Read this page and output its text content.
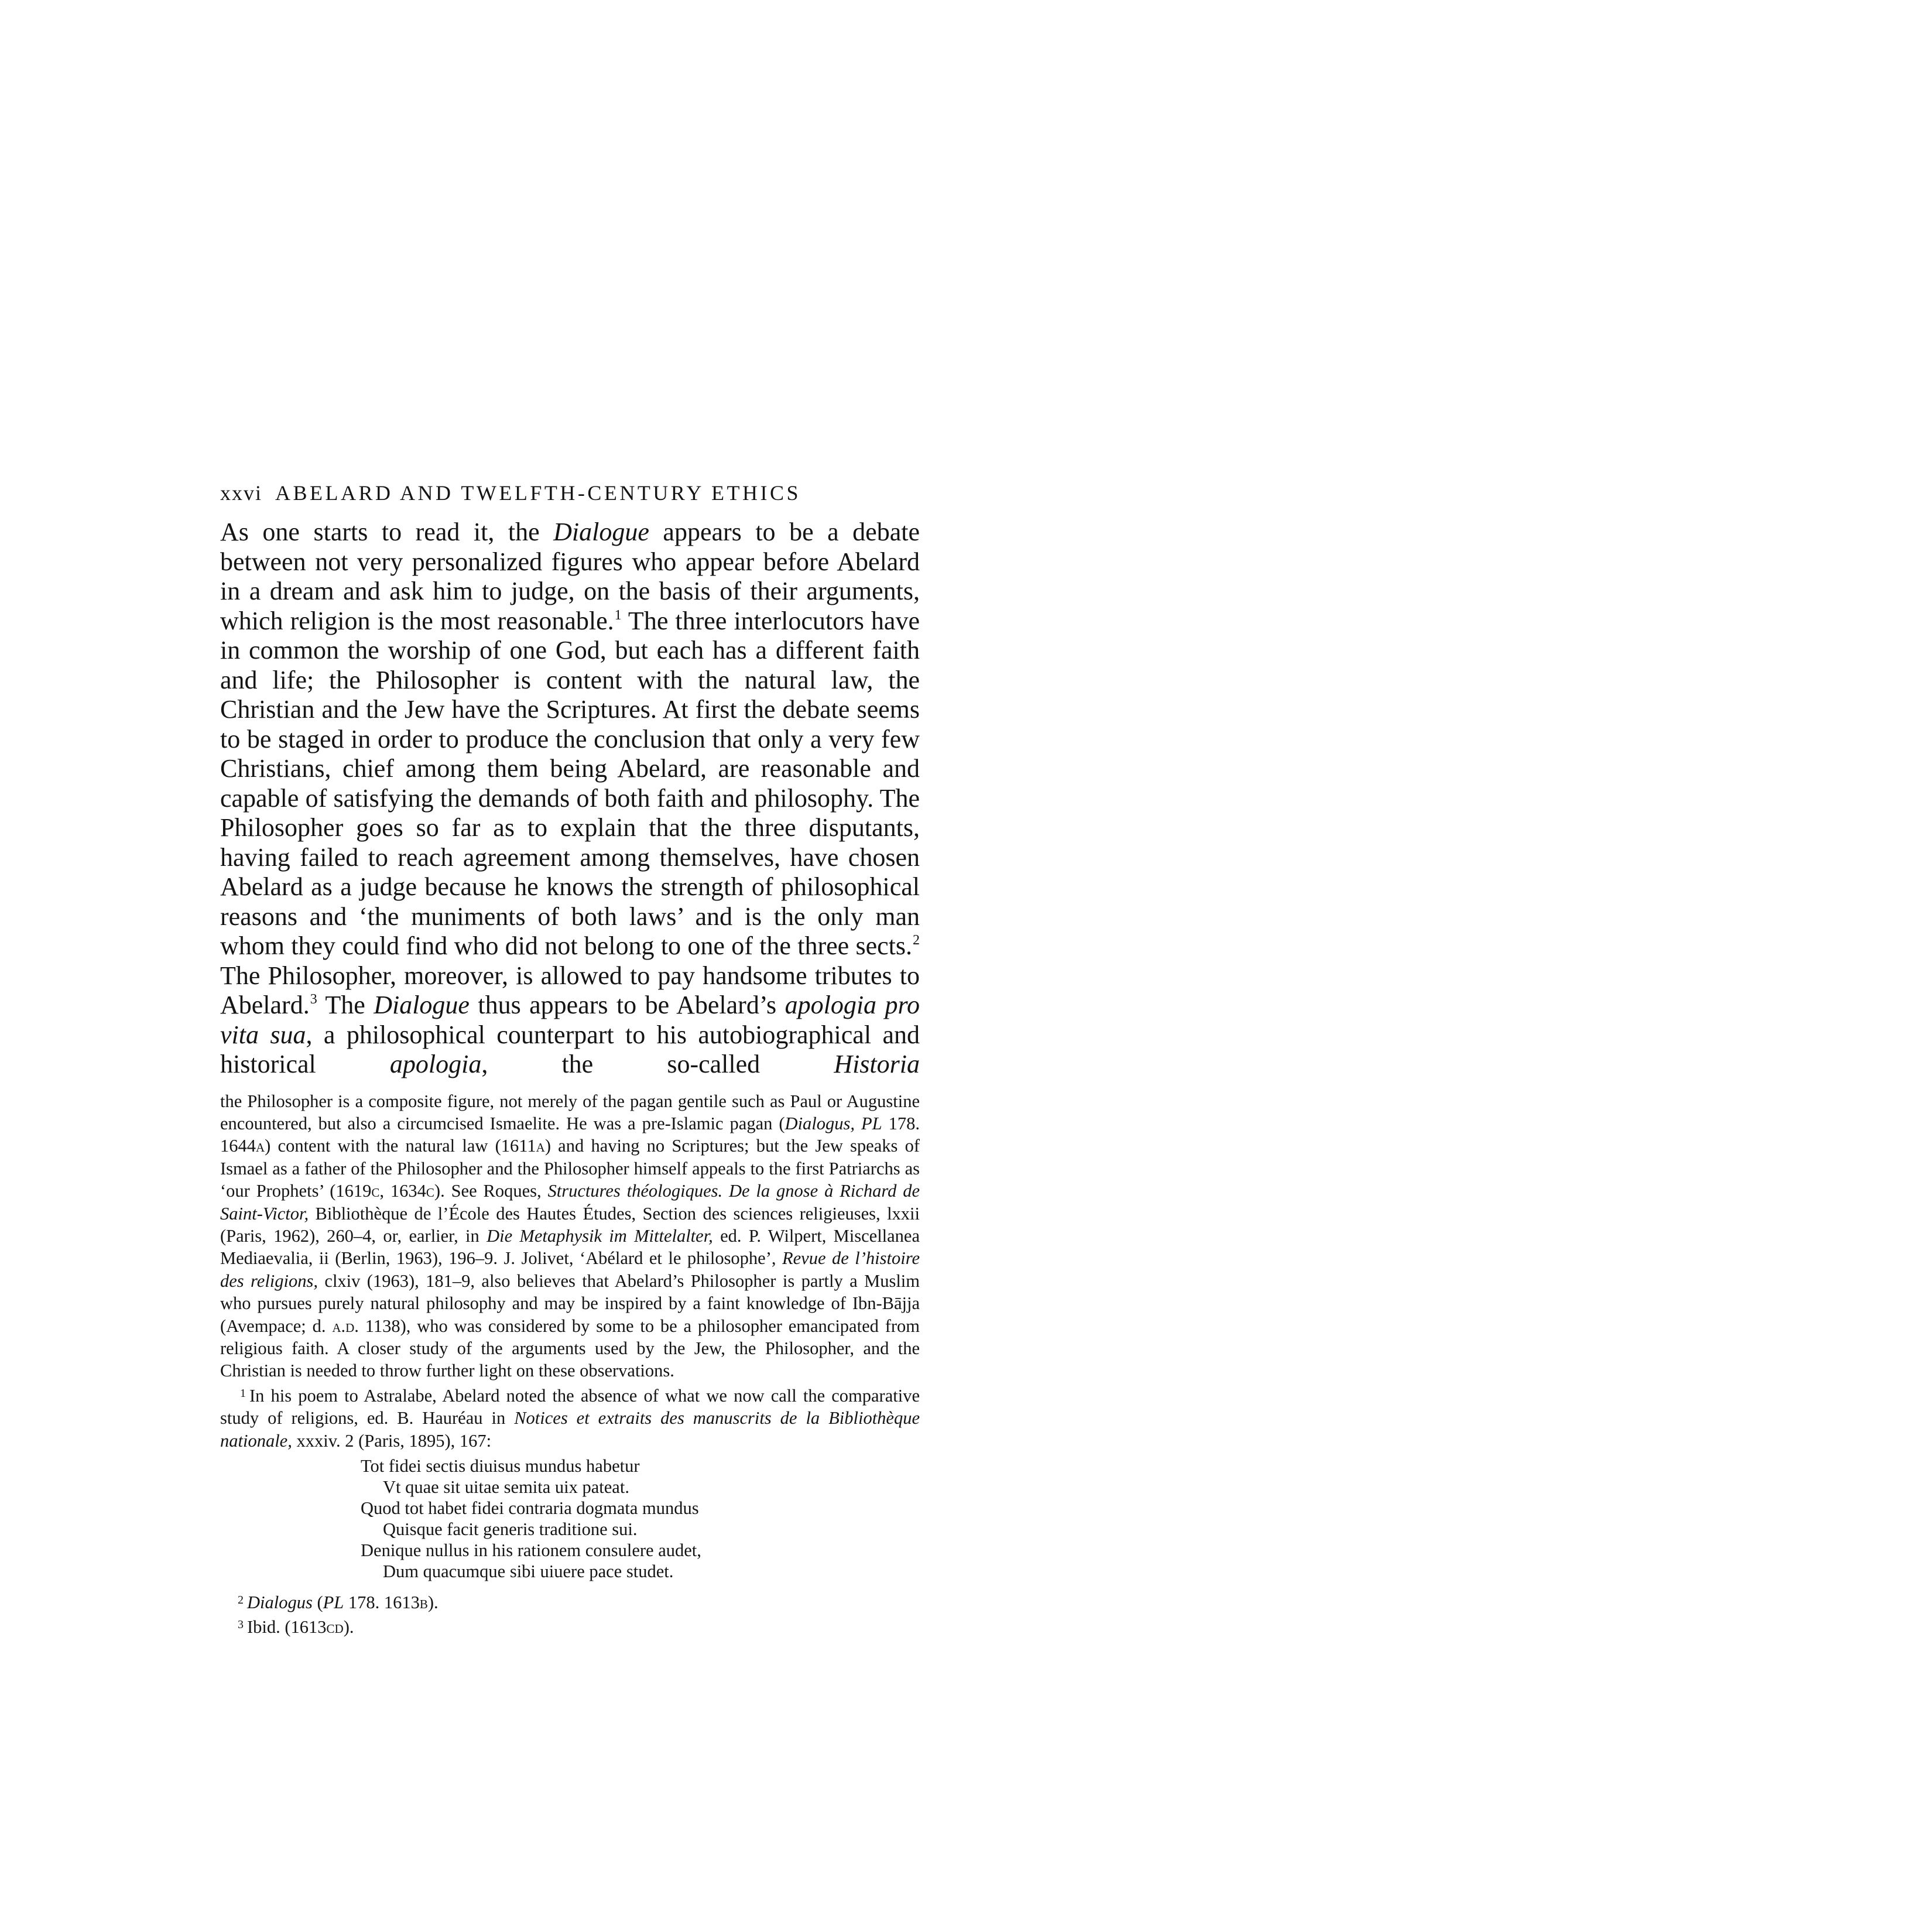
xxvi ABELARD AND TWELFTH-CENTURY ETHICS

As one starts to read it, the Dialogue appears to be a debate between not very personalized figures who appear before Abelard in a dream and ask him to judge, on the basis of their arguments, which religion is the most reasonable.$^1$ The three interlocutors have in common the worship of one God, but each has a different faith and life; the Philosopher is content with the natural law, the Christian and the Jew have the Scriptures. At first the debate seems to be staged in order to produce the conclusion that only a very few Christians, chief among them being Abelard, are reasonable and capable of satisfying the demands of both faith and philosophy. The Philosopher goes so far as to explain that the three disputants, having failed to reach agreement among themselves, have chosen Abelard as a judge because he knows the strength of philosophical reasons and ‘the muniments of both laws’ and is the only man whom they could find who did not belong to one of the three sects.$^2$ The Philosopher, moreover, is allowed to pay handsome tributes to Abelard.$^3$ The Dialogue thus appears to be Abelard’s apologia pro vita sua, a philosophical counterpart to his autobiographical and historical apologia, the so-called Historia

the Philosopher is a composite figure, not merely of the pagan gentile such as Paul or Augustine encountered, but also a circumcised Ismaelite. He was a pre-Islamic pagan (Dialogus, PL 178. 1644a) content with the natural law (1611a) and having no Scriptures; but the Jew speaks of Ismael as a father of the Philosopher and the Philosopher himself appeals to the first Patriarchs as ‘our Prophets’ (1619c, 1634c). See Roques, Structures théologiques. De la gnose à Richard de Saint-Victor, Bibliothèque de l’École des Hautes Études, Section des sciences religieuses, lxxii (Paris, 1962), 260–4, or, earlier, in Die Metaphysik im Mittelalter, ed. P. Wilpert, Miscellanea Mediaevalia, ii (Berlin, 1963), 196–9. J. Jolivet, ‘Abélard et le philosophe’, Revue de l’histoire des religions, clxiv (1963), 181–9, also believes that Abelard’s Philosopher is partly a Muslim who pursues purely natural philosophy and may be inspired by a faint knowledge of Ibn-Bājja (Avempace; d. a.d. 1138), who was considered by some to be a philosopher emancipated from religious faith. A closer study of the arguments used by the Jew, the Philosopher, and the Christian is needed to throw further light on these observations.

$^1$ In his poem to Astralabe, Abelard noted the absence of what we now call the comparative study of religions, ed. B. Hauréau in Notices et extraits des manuscrits de la Bibliothèque nationale, xxxiv. 2 (Paris, 1895), 167:

Tot fidei sectis diuisus mundus habetur
Vt quae sit uitae semita uix pateat.
Quod tot habet fidei contraria dogmata mundus
Quisque facit generis traditione sui.
Denique nullus in his rationem consulere audet,
Dum quacumque sibi uiuere pace studet.
$^2$ Dialogus (PL 178. 1613b).
$^3$ Ibid. (1613cd).
